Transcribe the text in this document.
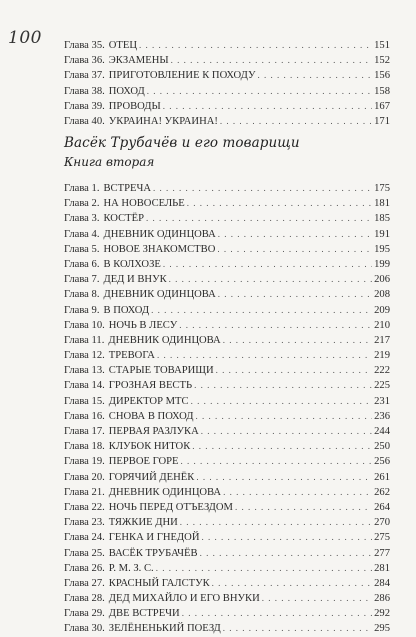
100 Глава 35. ОТЕЦ . . .	151
Глава 36. ЭКЗАМЕНЫ . . .	152
Глава 37. ПРИГОТОВЛЕНИЕ К ПОХОДУ . . .	156
Глава 38. ПОХОД . . .	158
Глава 39. ПРОВОДЫ . . .	167
Глава 40. УКРАИНА! УКРАИНА! . . .	171
Васёк Трубачёв и его товарищи
Книга вторая
Глава 1. ВСТРЕЧА . . .	175
Глава 2. НА НОВОСЕЛЬЕ . . .	181
Глава 3. КОСТЁР . . .	185
Глава 4. ДНЕВНИК ОДИНЦОВА . . .	191
Глава 5. НОВОЕ ЗНАКОМСТВО . . .	195
Глава 6. В КОЛХОЗЕ . . .	199
Глава 7. ДЕД И ВНУК . . .	206
Глава 8. ДНЕВНИК ОДИНЦОВА . . .	208
Глава 9. В ПОХОД . . .	209
Глава 10. НОЧЬ В ЛЕСУ . . .	210
Глава 11. ДНЕВНИК ОДИНЦОВА . . .	217
Глава 12. ТРЕВОГА . . .	219
Глава 13. СТАРЫЕ ТОВАРИЩИ . . .	222
Глава 14. ГРОЗНАЯ ВЕСТЬ . . .	225
Глава 15. ДИРЕКТОР МТС . . .	231
Глава 16. СНОВА В ПОХОД . . .	236
Глава 17. ПЕРВАЯ РАЗЛУКА . . .	244
Глава 18. КЛУБОК НИТОК . . .	250
Глава 19. ПЕРВОЕ ГОРЕ . . .	256
Глава 20. ГОРЯЧИЙ ДЕНЁК . . .	261
Глава 21. ДНЕВНИК ОДИНЦОВА . . .	262
Глава 22. НОЧЬ ПЕРЕД ОТЪЕЗДОМ . . .	264
Глава 23. ТЯЖКИЕ ДНИ . . .	270
Глава 24. ГЕНКА И ГНЕДОЙ . . .	275
Глава 25. ВАСЁК ТРУБАЧЁВ . . .	277
Глава 26. Р. М. З. С. . . .	281
Глава 27. КРАСНЫЙ ГАЛСТУК . . .	284
Глава 28. ДЕД МИХАЙЛО И ЕГО ВНУКИ . . .	286
Глава 29. ДВЕ ВСТРЕЧИ . . .	292
Глава 30. ЗЕЛЁНЕНЬКИЙ ПОЕЗД . . .	295
